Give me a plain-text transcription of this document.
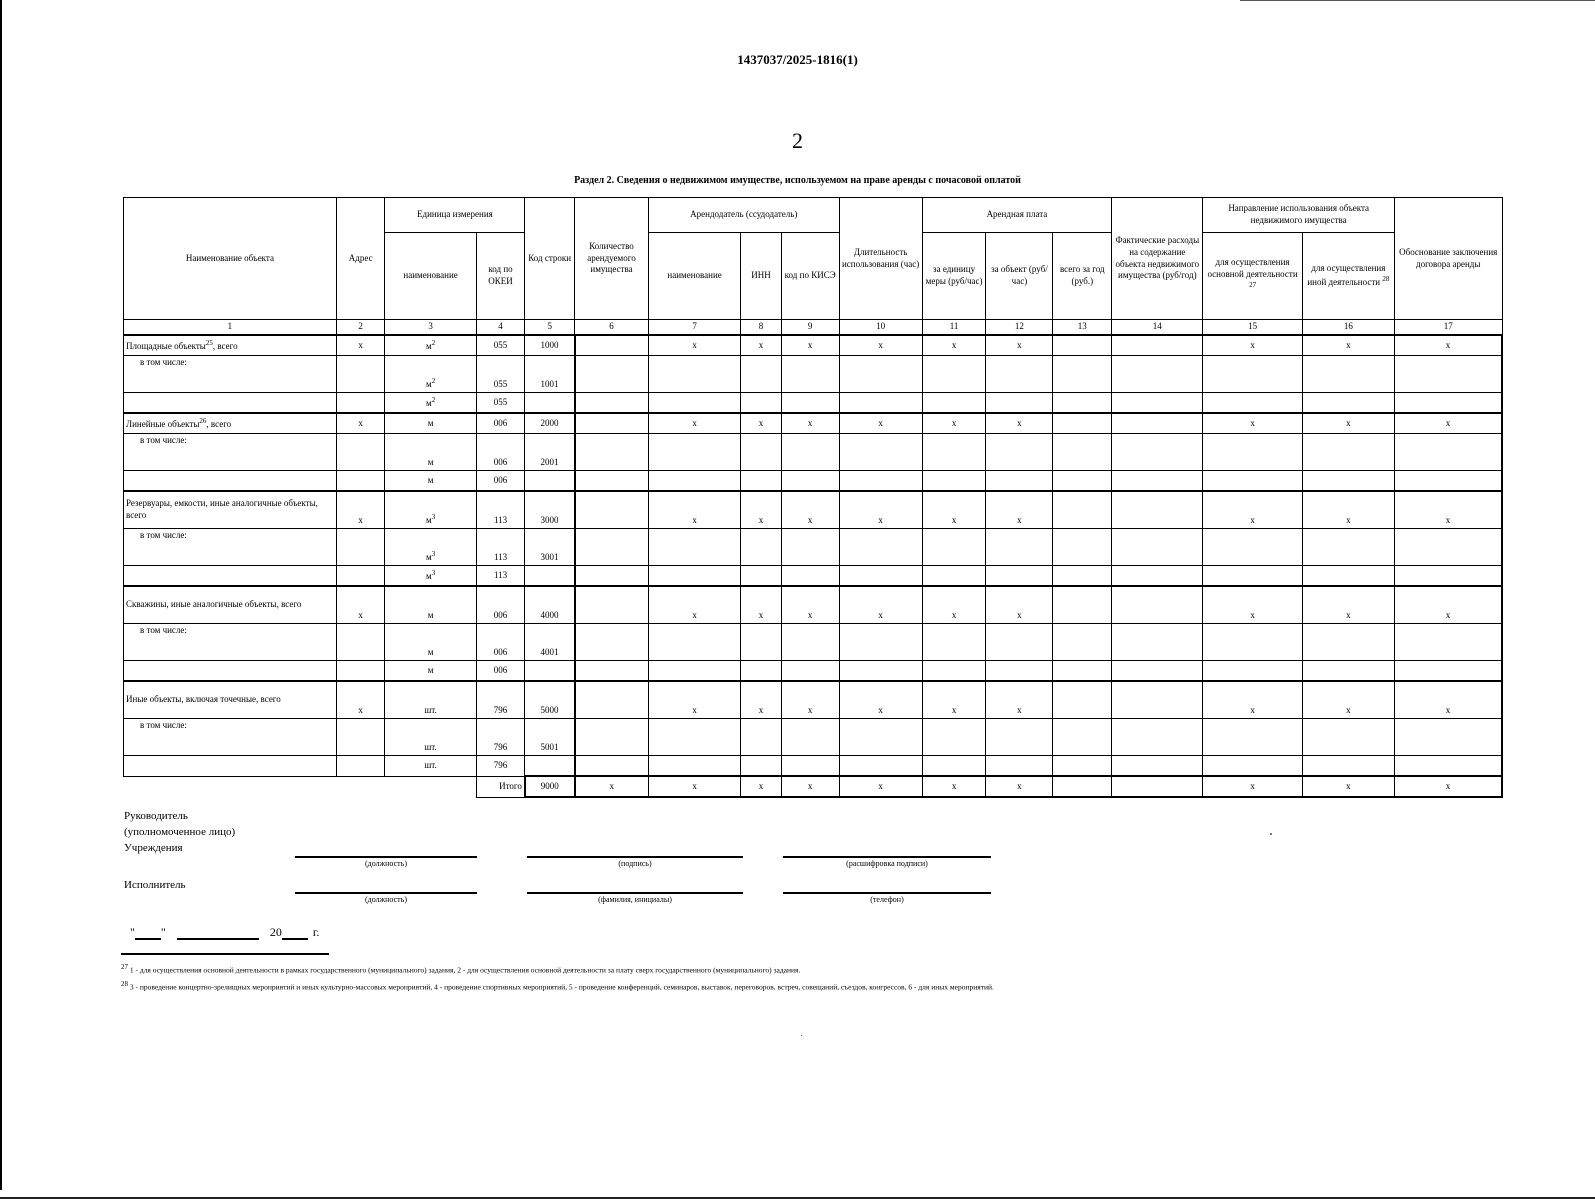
1437037/2025-1816(1)
2
Раздел 2. Сведения о недвижимом имуществе, используемом на праве аренды с почасовой оплатой
Наименование объекта	Адрес	Единица измерения		Код строки	Количество арендуемого имущества	Арендодатель (ссудодатель)			Длительность использования (час)	Арендная плата			Фактические расходы на содержание объекта недвижимого имущества (руб/год)	Направление использования объекта недвижимого имущества		Обоснование заключения договора аренды
		наименование	код по ОКЕИ			наименование	ИНН	код по КИСЭ		за единицу меры (руб/час)	за объект (руб/час)	всего за год (руб.)		для осуществления основной деятельности $^{27}$	для осуществления иной деятельности $^{28}$
1	2	3	4	5	6	7	8	9	10	11	12	13	14	15	16	17
Площадные объекты$^{25}$, всего	x	$м^2$	055	1000		x	x	x	x	x	x			x	x	x
в том числе:		$м^2$	055	1001												
		$м^2$	055													
Линейные объекты$^{26}$, всего	x	м	006	2000		x	x	x	x	x	x			x	x	x
в том числе:		м	006	2001												
		м	006													
Резервуары, емкости, иные аналогичные объекты, всего	x	$м^3$	113	3000		x	x	x	x	x	x			x	x	x
в том числе:		$м^3$	113	3001												
		$м^3$	113													
Скважины, иные аналогичные объекты, всего	x	м	006	4000		x	x	x	x	x	x			x	x	x
в том числе:		м	006	4001												
		м	006													
Иные объекты, включая точечные, всего	x	шт.	796	5000		x	x	x	x	x	x			x	x	x
в том числе:		шт.	796	5001												
		шт.	796													
			Итого	9000	x	x	x	x	x	x	x			x	x	x
Руководитель
(уполномоченное лицо)
Учреждения
(должность)	(подпись)	(расшифровка подписи)
Исполнитель
(должность)	(фамилия, инициалы)	(телефон)
" "	20	г.
$^{27}$ 1 - для осуществления основной деятельности в рамках государственного (муниципального) задания, 2 - для осуществления основной деятельности за плату сверх государственного (муниципального) задания.
$^{28}$ 3 - проведение концертно-зрелищных мероприятий и иных культурно-массовых мероприятий, 4 - проведение спортивных мероприятий, 5 - проведение конференций, семинаров, выставок, переговоров, встреч, совещаний, съездов, конгрессов, 6 - для иных мероприятий.
